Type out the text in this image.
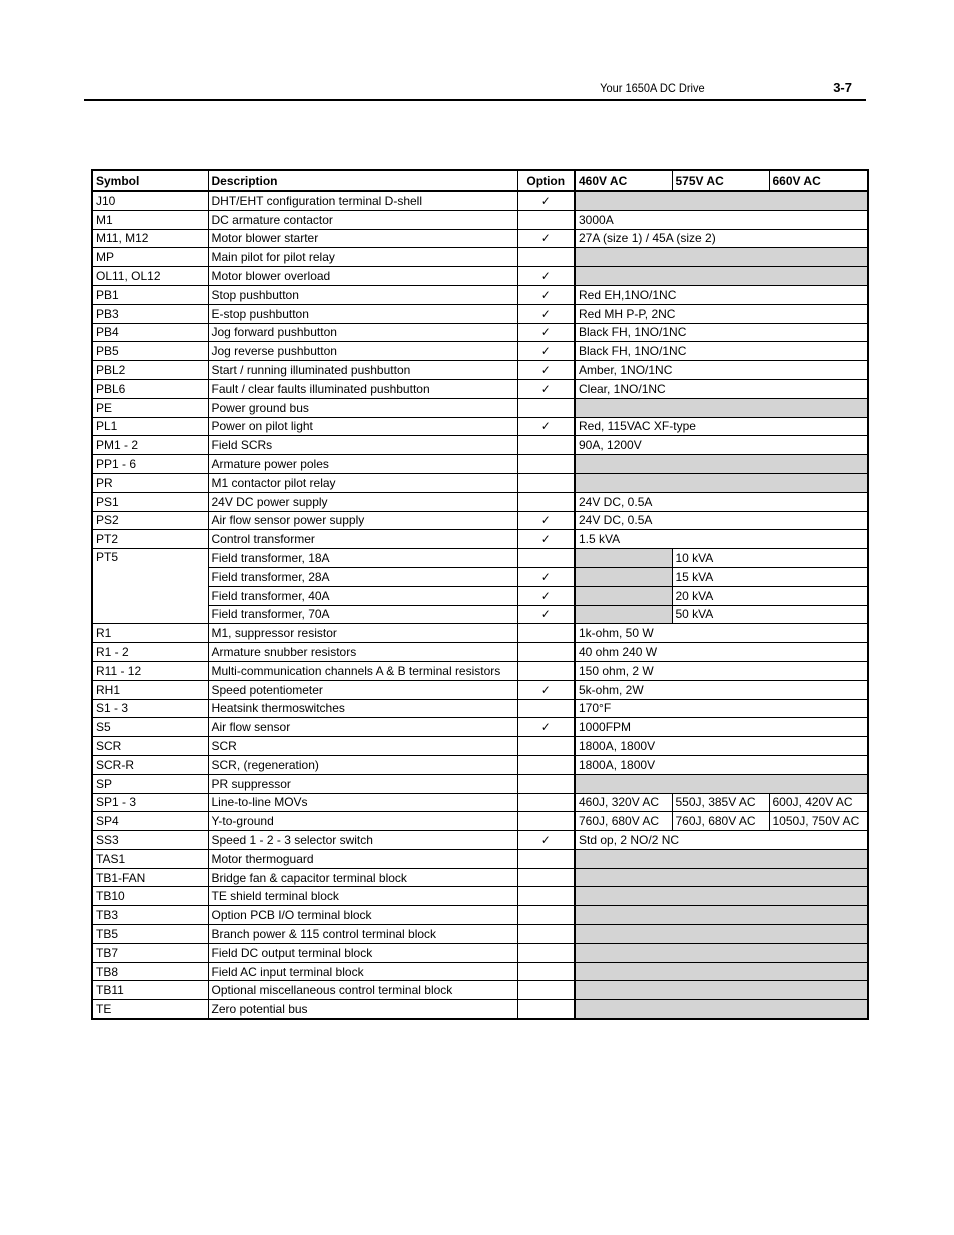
Your 1650A DC Drive	3-7
Symbol	Description	Option	460V AC	575V AC	660V AC
J10	DHT/EHT configuration terminal D-shell	✓			
M1	DC armature contactor		3000A		
M11, M12	Motor blower starter	✓	27A (size 1) / 45A (size 2)		
MP	Main pilot for pilot relay				
OL11, OL12	Motor blower overload	✓			
PB1	Stop pushbutton	✓	Red EH,1NO/1NC		
PB3	E-stop pushbutton	✓	Red MH P-P, 2NC		
PB4	Jog forward pushbutton	✓	Black FH, 1NO/1NC		
PB5	Jog reverse pushbutton	✓	Black FH, 1NO/1NC		
PBL2	Start / running illuminated pushbutton	✓	Amber, 1NO/1NC		
PBL6	Fault / clear faults illuminated pushbutton	✓	Clear, 1NO/1NC		
PE	Power ground bus				
PL1	Power on pilot light	✓	Red, 115VAC XF-type		
PM1 - 2	Field SCRs		90A, 1200V		
PP1 - 6	Armature power poles				
PR	M1 contactor pilot relay				
PS1	24V DC power supply		24V DC, 0.5A		
PS2	Air flow sensor power supply	✓	24V DC, 0.5A		
PT2	Control transformer	✓	1.5 kVA		
PT5	Field transformer, 18A			10 kVA	
	Field transformer, 28A	✓		15 kVA	
	Field transformer, 40A	✓		20 kVA	
	Field transformer, 70A	✓		50 kVA	
R1	M1, suppressor resistor		1k-ohm, 50 W		
R1 - 2	Armature snubber resistors		40 ohm 240 W		
R11 - 12	Multi-communication channels A & B terminal resistors		150 ohm, 2 W		
RH1	Speed potentiometer	✓	5k-ohm, 2W		
S1 - 3	Heatsink thermoswitches		170°F		
S5	Air flow sensor	✓	1000FPM		
SCR	SCR		1800A, 1800V		
SCR-R	SCR, (regeneration)		1800A, 1800V		
SP	PR suppressor				
SP1 - 3	Line-to-line MOVs		460J, 320V AC	550J, 385V AC	600J, 420V AC
SP4	Y-to-ground		760J, 680V AC	760J, 680V AC	1050J, 750V AC
SS3	Speed 1 - 2 - 3 selector switch	✓	Std op, 2 NO/2 NC		
TAS1	Motor thermoguard				
TB1-FAN	Bridge fan & capacitor terminal block				
TB10	TE shield terminal block				
TB3	Option PCB I/O terminal block				
TB5	Branch power & 115 control terminal block				
TB7	Field DC output terminal block				
TB8	Field AC input terminal block				
TB11	Optional miscellaneous control terminal block				
TE	Zero potential bus				
